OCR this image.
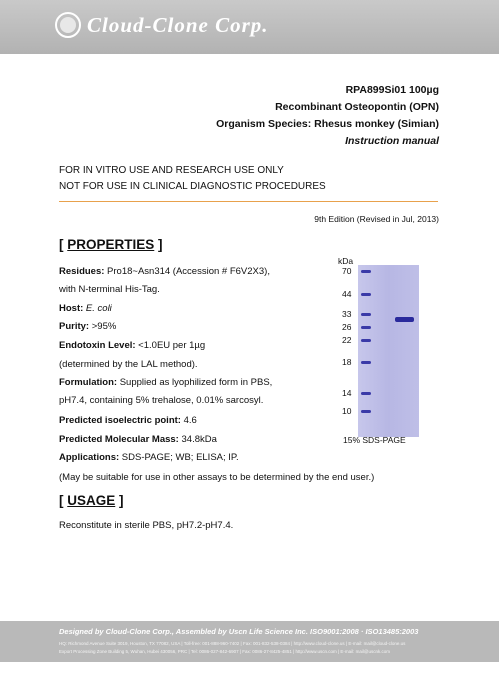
Cloud-Clone Corp.
RPA899Si01 100µg
Recombinant Osteopontin (OPN)
Organism Species: Rhesus monkey (Simian)
Instruction manual
FOR IN VITRO USE AND RESEARCH USE ONLY
NOT FOR USE IN CLINICAL DIAGNOSTIC PROCEDURES
9th Edition (Revised in Jul, 2013)
[ PROPERTIES ]
Residues: Pro18~Asn314 (Accession # F6V2X3),
with N-terminal His-Tag.
Host: E. coli
Purity: >95%
Endotoxin Level: <1.0EU per 1µg
(determined by the LAL method).
Formulation: Supplied as lyophilized form in PBS,
pH7.4, containing 5% trehalose, 0.01% sarcosyl.
Predicted isoelectric point: 4.6
Predicted Molecular Mass: 34.8kDa
Applications: SDS-PAGE; WB; ELISA; IP.
(May be suitable for use in other assays to be determined by the end user.)
kDa
70
44
33
26
22
18
14
10
15% SDS-PAGE
[ USAGE ]
Reconstitute in sterile PBS, pH7.2-pH7.4.
Designed by Cloud-Clone Corp., Assembled by Uscn Life Science Inc. ISO9001:2008 · ISO13485:2003
HQ: Richmond Avenue Suite 3019, Houston, TX 77082, USA | Toll-free: 001-888-960-7402 | Fax: 001-832-538-0384 | http://www.cloud-clone.us | E-mail: mail@cloud-clone.us
Export Processing Zone Building 5, Wuhan, Hubei 430056, PRC | Tel: 0086-027-842-6907 | Fax: 0086-27-8425-4851 | http://www.uscn.com | E-mail: mail@uscnk.com
